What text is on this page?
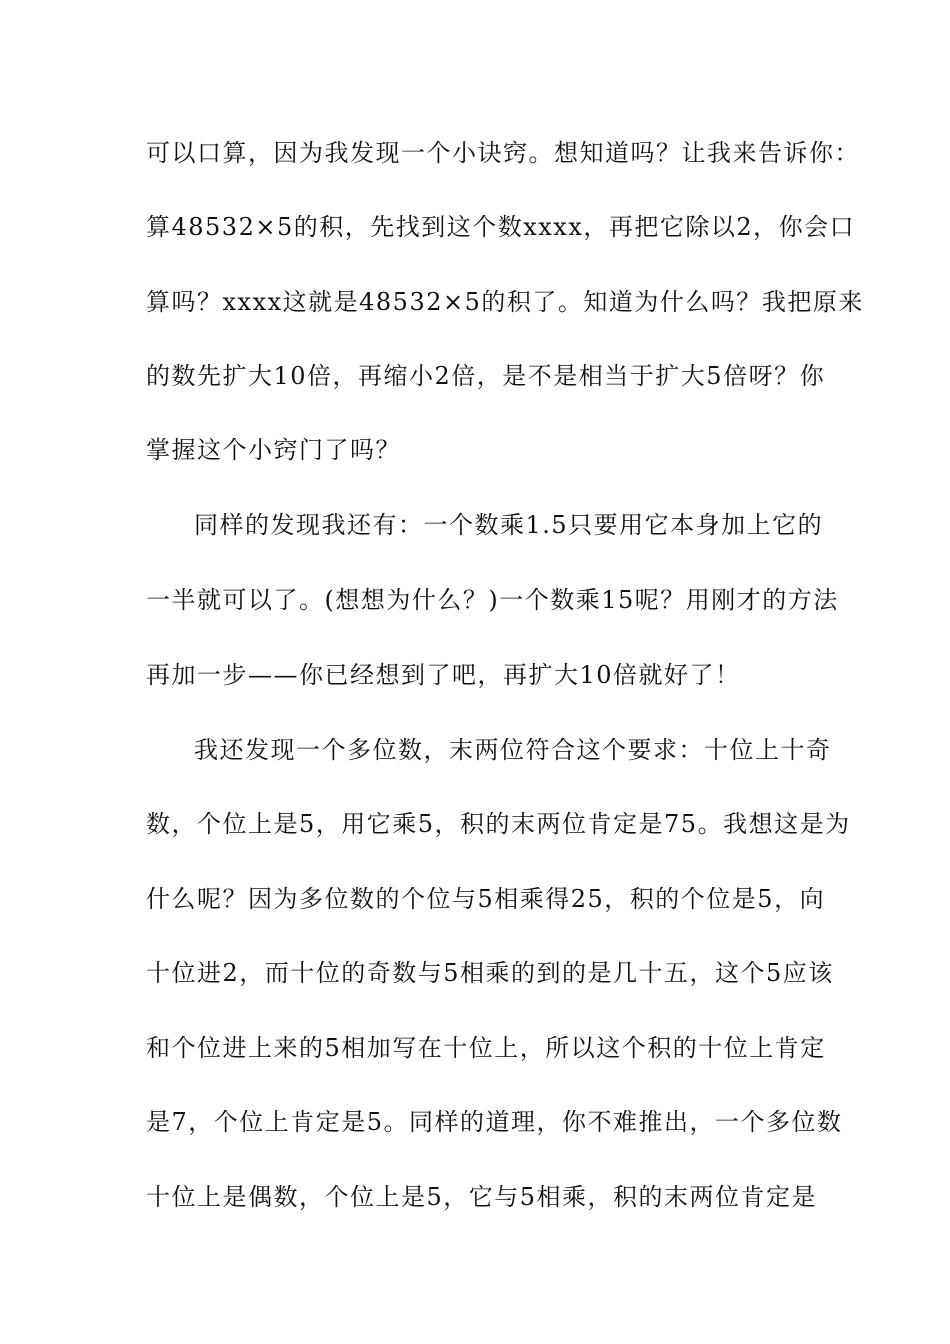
可以口算，因为我发现一个小诀窍。想知道吗？让我来告诉你：
算48532×5的积，先找到这个数xxxx，再把它除以2，你会口
算吗？xxxx这就是48532×5的积了。知道为什么吗？我把原来
的数先扩大10倍，再缩小2倍，是不是相当于扩大5倍呀？你
掌握这个小窍门了吗？
同样的发现我还有：一个数乘1.5只要用它本身加上它的
一半就可以了。(想想为什么？)一个数乘15呢？用刚才的方法
再加一步——你已经想到了吧，再扩大10倍就好了！
我还发现一个多位数，末两位符合这个要求：十位上十奇
数，个位上是5，用它乘5，积的末两位肯定是75。我想这是为
什么呢？因为多位数的个位与5相乘得25，积的个位是5，向
十位进2，而十位的奇数与5相乘的到的是几十五，这个5应该
和个位进上来的5相加写在十位上，所以这个积的十位上肯定
是7，个位上肯定是5。同样的道理，你不难推出，一个多位数
十位上是偶数，个位上是5，它与5相乘，积的末两位肯定是
